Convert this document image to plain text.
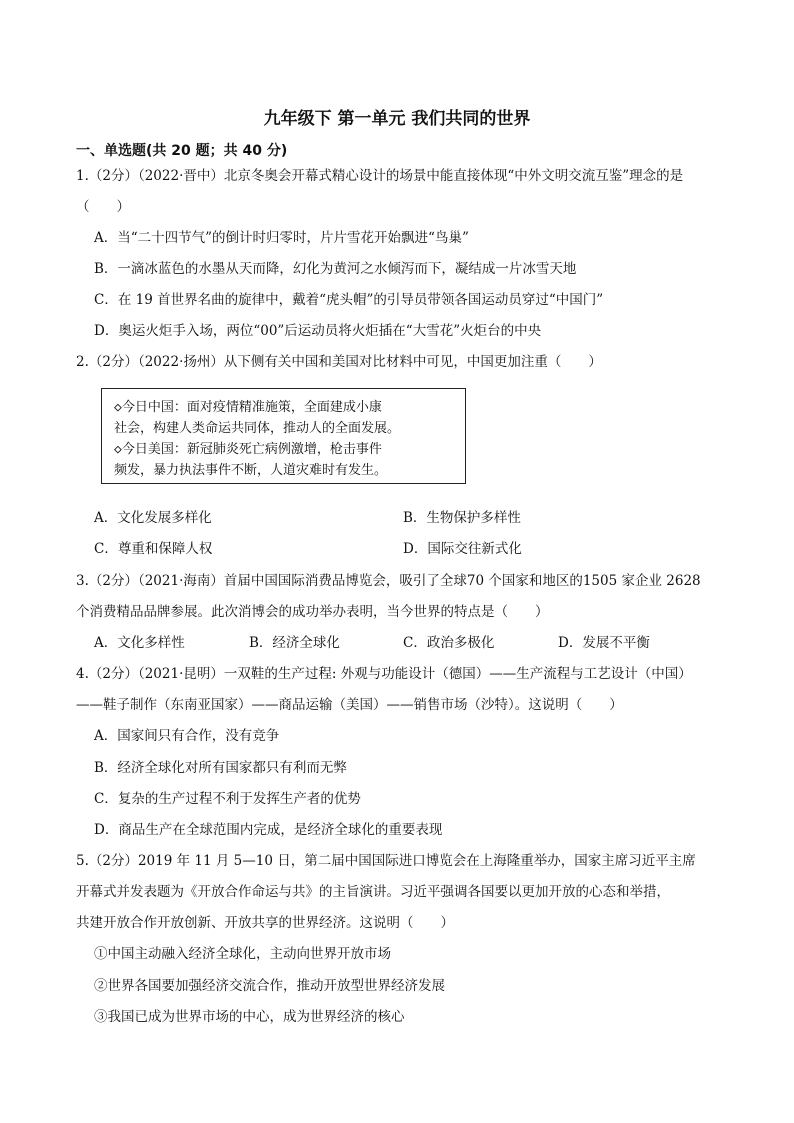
九年级下 第一单元 我们共同的世界
一、单选题(共 20 题；共 40 分)
1.（2分）（2022·晋中）北京冬奥会开幕式精心设计的场景中能直接体现“中外文明交流互鉴”理念的是
（　　）
A．当“二十四节气”的倒计时归零时，片片雪花开始飘进“鸟巢”
B．一滴冰蓝色的水墨从天而降，幻化为黄河之水倾泻而下，凝结成一片冰雪天地
C．在 19 首世界名曲的旋律中，戴着“虎头帽”的引导员带领各国运动员穿过“中国门”
D．奥运火炬手入场，两位“00”后运动员将火炬插在“大雪花”火炬台的中央
2.（2分）（2022·扬州）从下侧有关中国和美国对比材料中可见，中国更加注重（　　）
◇今日中国：面对疫情精准施策，全面建成小康
社会，构建人类命运共同体，推动人的全面发展。
◇今日美国：新冠肺炎死亡病例激增，枪击事件
频发，暴力执法事件不断，人道灾难时有发生。
A．文化发展多样化	B．生物保护多样性
C．尊重和保障人权	D．国际交往新式化
3.（2分）（2021·海南）首届中国国际消费品博览会，吸引了全球70 个国家和地区的1505 家企业 2628
个消费精品品牌参展。此次消博会的成功举办表明，当今世界的特点是（　　）
A．文化多样性	B．经济全球化	C．政治多极化	D．发展不平衡
4.（2分）（2021·昆明）一双鞋的生产过程: 外观与功能设计（德国）——生产流程与工艺设计（中国）
——鞋子制作（东南亚国家）——商品运输（美国）——销售市场（沙特）。这说明（　　）
A．国家间只有合作，没有竞争
B．经济全球化对所有国家都只有利而无弊
C．复杂的生产过程不利于发挥生产者的优势
D．商品生产在全球范围内完成，是经济全球化的重要表现
5.（2分）2019 年 11 月 5—10 日，第二届中国国际进口博览会在上海隆重举办，国家主席习近平主席
开幕式并发表题为《开放合作命运与共》的主旨演讲。习近平强调各国要以更加开放的心态和举措，
共建开放合作开放创新、开放共享的世界经济。这说明（　　）
①中国主动融入经济全球化，主动向世界开放市场
②世界各国要加强经济交流合作，推动开放型世界经济发展
③我国已成为世界市场的中心，成为世界经济的核心
